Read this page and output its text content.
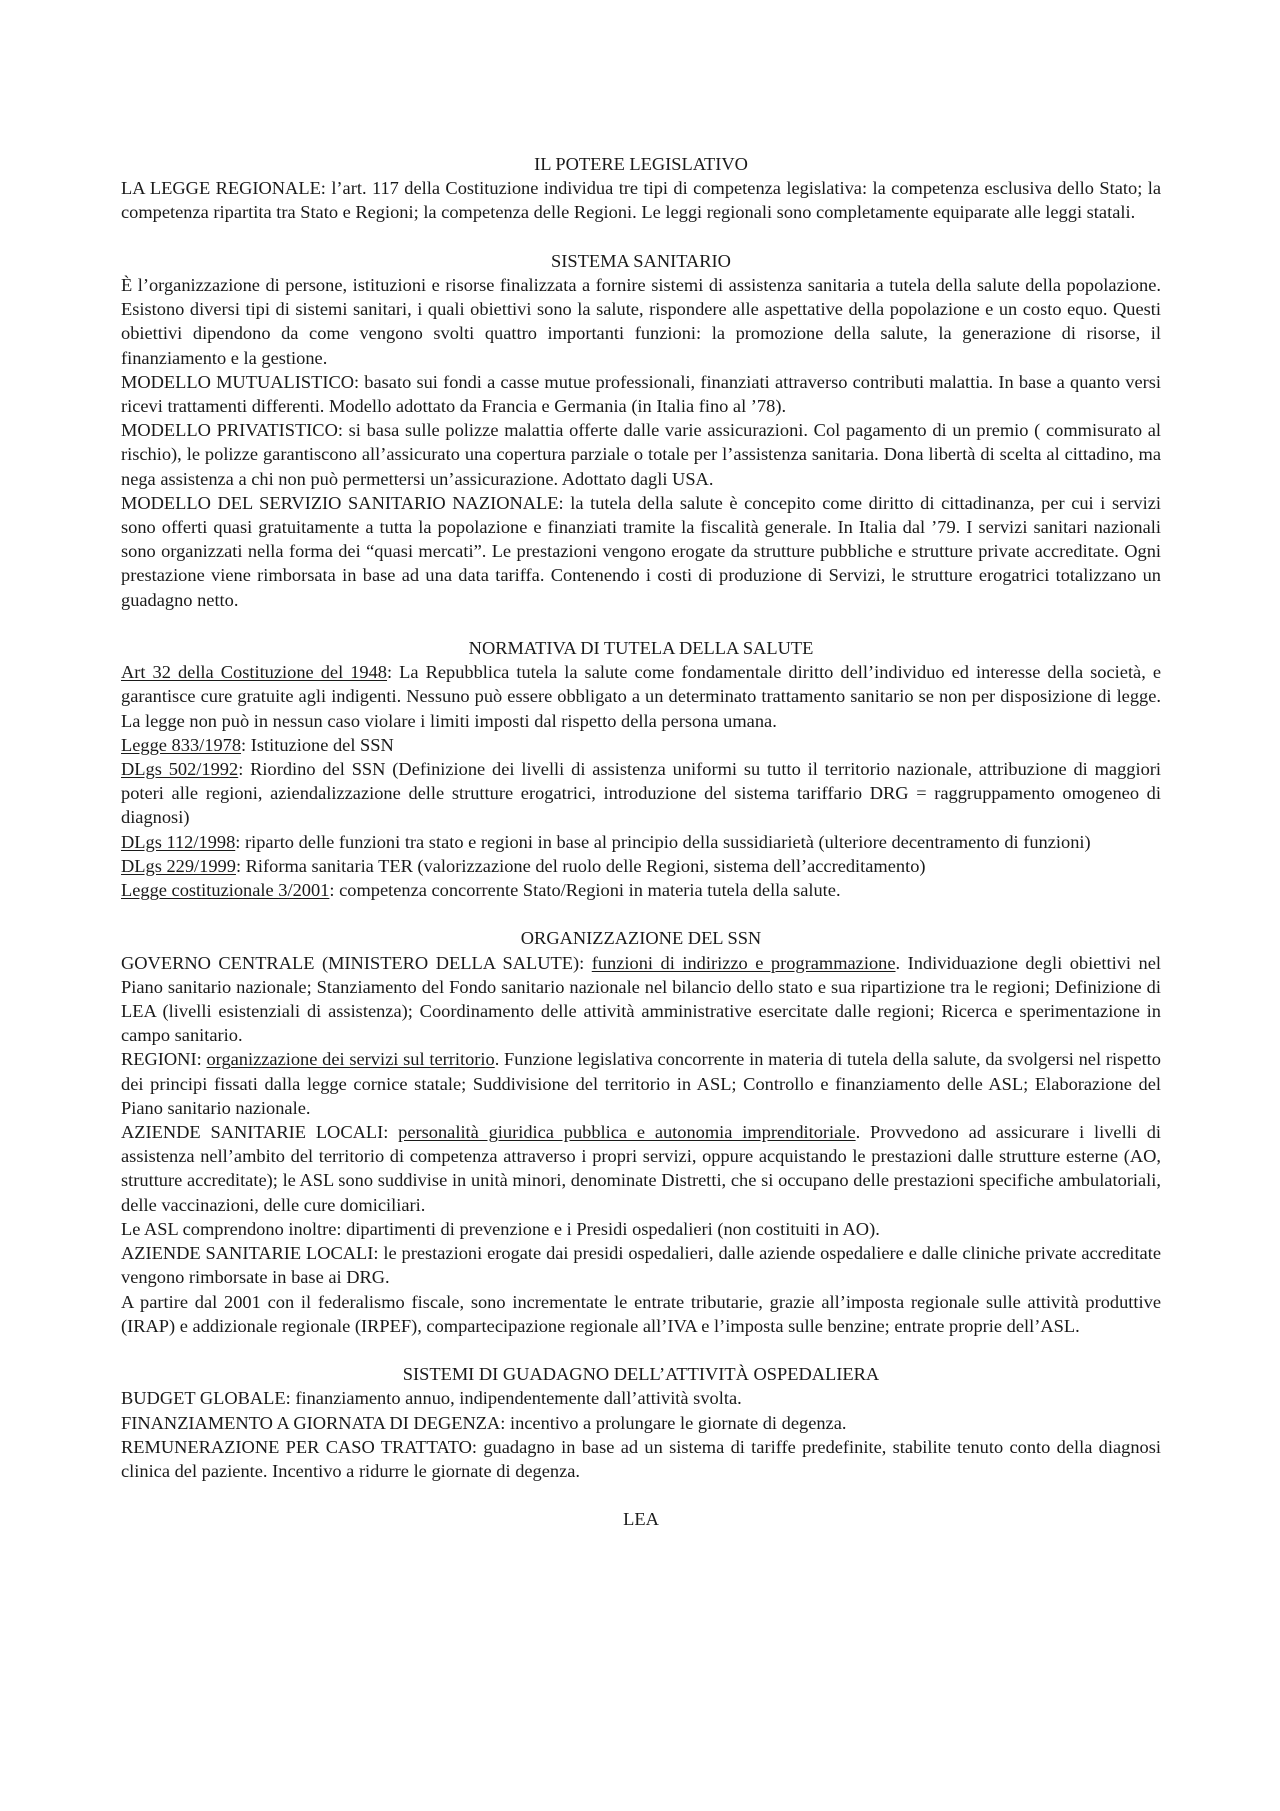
IL POTERE LEGISLATIVO

LA LEGGE REGIONALE: l’art. 117 della Costituzione individua tre tipi di competenza legislativa: la competenza esclusiva dello Stato; la competenza ripartita tra Stato e Regioni; la competenza delle Regioni. Le leggi regionali sono completamente equiparate alle leggi statali.

SISTEMA SANITARIO

È l’organizzazione di persone, istituzioni e risorse finalizzata a fornire sistemi di assistenza sanitaria a tutela della salute della popolazione. Esistono diversi tipi di sistemi sanitari, i quali obiettivi sono la salute, rispondere alle aspettative della popolazione e un costo equo. Questi obiettivi dipendono da come vengono svolti quattro importanti funzioni: la promozione della salute, la generazione di risorse, il finanziamento e la gestione.

MODELLO MUTUALISTICO: basato sui fondi a casse mutue professionali, finanziati attraverso contributi malattia. In base a quanto versi ricevi trattamenti differenti. Modello adottato da Francia e Germania (in Italia fino al ’78).

MODELLO PRIVATISTICO: si basa sulle polizze malattia offerte dalle varie assicurazioni. Col pagamento di un premio ( commisurato al rischio), le polizze garantiscono all’assicurato una copertura parziale o totale per l’assistenza sanitaria. Dona libertà di scelta al cittadino, ma nega assistenza a chi non può permettersi un’assicurazione. Adottato dagli USA.

MODELLO DEL SERVIZIO SANITARIO NAZIONALE: la tutela della salute è concepito come diritto di cittadinanza, per cui i servizi sono offerti quasi gratuitamente a tutta la popolazione e finanziati tramite la fiscalità generale. In Italia dal ’79. I servizi sanitari nazionali sono organizzati nella forma dei “quasi mercati”. Le prestazioni vengono erogate da strutture pubbliche e strutture private accreditate. Ogni prestazione viene rimborsata in base ad una data tariffa. Contenendo i costi di produzione di Servizi, le strutture erogatrici totalizzano un guadagno netto.

NORMATIVA DI TUTELA DELLA SALUTE

Art 32 della Costituzione del 1948: La Repubblica tutela la salute come fondamentale diritto dell’individuo ed interesse della società, e garantisce cure gratuite agli indigenti. Nessuno può essere obbligato a un determinato trattamento sanitario se non per disposizione di legge. La legge non può in nessun caso violare i limiti imposti dal rispetto della persona umana.

Legge 833/1978: Istituzione del SSN

DLgs 502/1992: Riordino del SSN (Definizione dei livelli di assistenza uniformi su tutto il territorio nazionale, attribuzione di maggiori poteri alle regioni, aziendalizzazione delle strutture erogatrici, introduzione del sistema tariffario DRG = raggruppamento omogeneo di diagnosi)

DLgs 112/1998: riparto delle funzioni tra stato e regioni in base al principio della sussidiarietà (ulteriore decentramento di funzioni)

DLgs 229/1999: Riforma sanitaria TER (valorizzazione del ruolo delle Regioni, sistema dell’accreditamento)

Legge costituzionale 3/2001: competenza concorrente Stato/Regioni in materia tutela della salute.

ORGANIZZAZIONE DEL SSN

GOVERNO CENTRALE (MINISTERO DELLA SALUTE): funzioni di indirizzo e programmazione. Individuazione degli obiettivi nel Piano sanitario nazionale; Stanziamento del Fondo sanitario nazionale nel bilancio dello stato e sua ripartizione tra le regioni; Definizione di LEA (livelli esistenziali di assistenza); Coordinamento delle attività amministrative esercitate dalle regioni; Ricerca e sperimentazione in campo sanitario.

REGIONI: organizzazione dei servizi sul territorio. Funzione legislativa concorrente in materia di tutela della salute, da svolgersi nel rispetto dei principi fissati dalla legge cornice statale; Suddivisione del territorio in ASL; Controllo e finanziamento delle ASL; Elaborazione del Piano sanitario nazionale.

AZIENDE SANITARIE LOCALI: personalità giuridica pubblica e autonomia imprenditoriale. Provvedono ad assicurare i livelli di assistenza nell’ambito del territorio di competenza attraverso i propri servizi, oppure acquistando le prestazioni dalle strutture esterne (AO, strutture accreditate); le ASL sono suddivise in unità minori, denominate Distretti, che si occupano delle prestazioni specifiche ambulatoriali, delle vaccinazioni, delle cure domiciliari.

Le ASL comprendono inoltre: dipartimenti di prevenzione e i Presidi ospedalieri (non costituiti in AO).

AZIENDE SANITARIE LOCALI: le prestazioni erogate dai presidi ospedalieri, dalle aziende ospedaliere e dalle cliniche private accreditate vengono rimborsate in base ai DRG.

A partire dal 2001 con il federalismo fiscale, sono incrementate le entrate tributarie, grazie all’imposta regionale sulle attività produttive (IRAP) e addizionale regionale (IRPEF), compartecipazione regionale all’IVA e l’imposta sulle benzine; entrate proprie dell’ASL.

SISTEMI DI GUADAGNO DELL’ATTIVITÀ OSPEDALIERA

BUDGET GLOBALE: finanziamento annuo, indipendentemente dall’attività svolta.

FINANZIAMENTO A GIORNATA DI DEGENZA: incentivo a prolungare le giornate di degenza.

REMUNERAZIONE PER CASO TRATTATO: guadagno in base ad un sistema di tariffe predefinite, stabilite tenuto conto della diagnosi clinica del paziente. Incentivo a ridurre le giornate di degenza.

LEA
